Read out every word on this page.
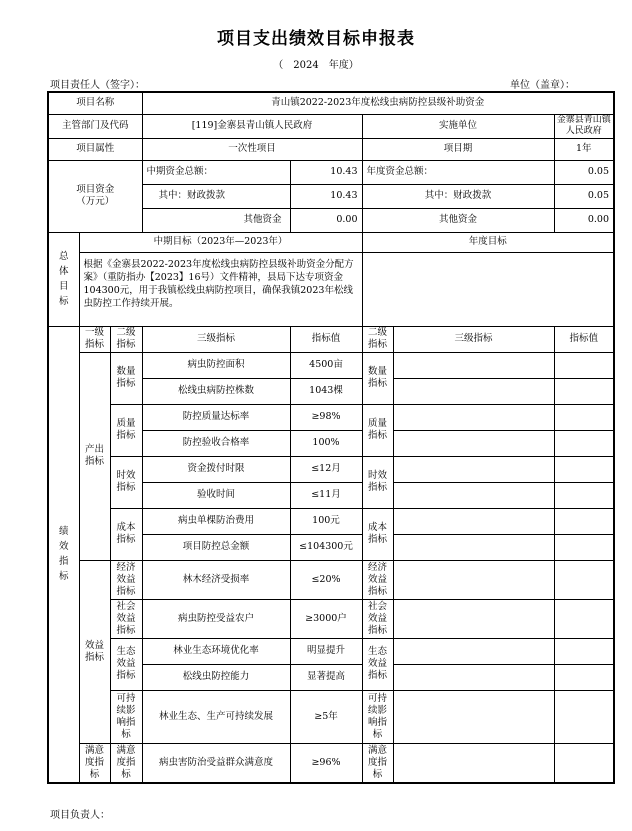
项目支出绩效目标申报表
（　2024　年度）
项目责任人（签字）：	单位（盖章）：
项目名称			青山镇2022-2023年度松线虫病防控县级补助资金				
主管部门及代码			[119]金寨县青山镇人民政府		实施单位		金寨县青山镇人民政府
项目属性			一次性项目		项目期		1年

项目资金
（万元）			中期资金总额：	10.43	年度资金总额：		0.05
			其中：财政拨款	10.43	其中：财政拨款		0.05
			其他资金	0.00	其他资金		0.00
总体目标	中期目标（2023年—2023年）				年度目标		
	根据《金寨县2022-2023年度松线虫病防控县级补助资金分配方案》（重防指办【2023】16号）文件精神，县局下达专项资金104300元，用于我镇松线虫病防控项目，确保我镇2023年松线虫防控工作持续开展。						
绩效指标	一级指标	二级指标	三级指标	指标值	二级指标	三级指标	指标值
	产出指标	数量指标	病虫防控面积	4500亩	数量指标		
			松线虫病防控株数	1043棵			
		质量指标	防控质量达标率	≥98%	质量指标		
			防控验收合格率	100%			
		时效指标	资金拨付时限	≤12月	时效指标		
			验收时间	≤11月			
		成本指标	病虫单棵防治费用	100元	成本指标		
			项目防控总金额	≤104300元			
	效益指标	经济效益指标	林木经济受损率	≤20%	经济效益指标		
		社会效益指标	病虫防控受益农户	≥3000户	社会效益指标		
		生态效益指标	林业生态环境优化率	明显提升	生态效益指标		
			松线虫防控能力	显著提高			
		可持续影响指标	林业生态、生产可持续发展	≥5年	可持续影响指标		
	满意度指标	满意度指标	病虫害防治受益群众满意度	≥96%	满意度指标		
项目负责人：
